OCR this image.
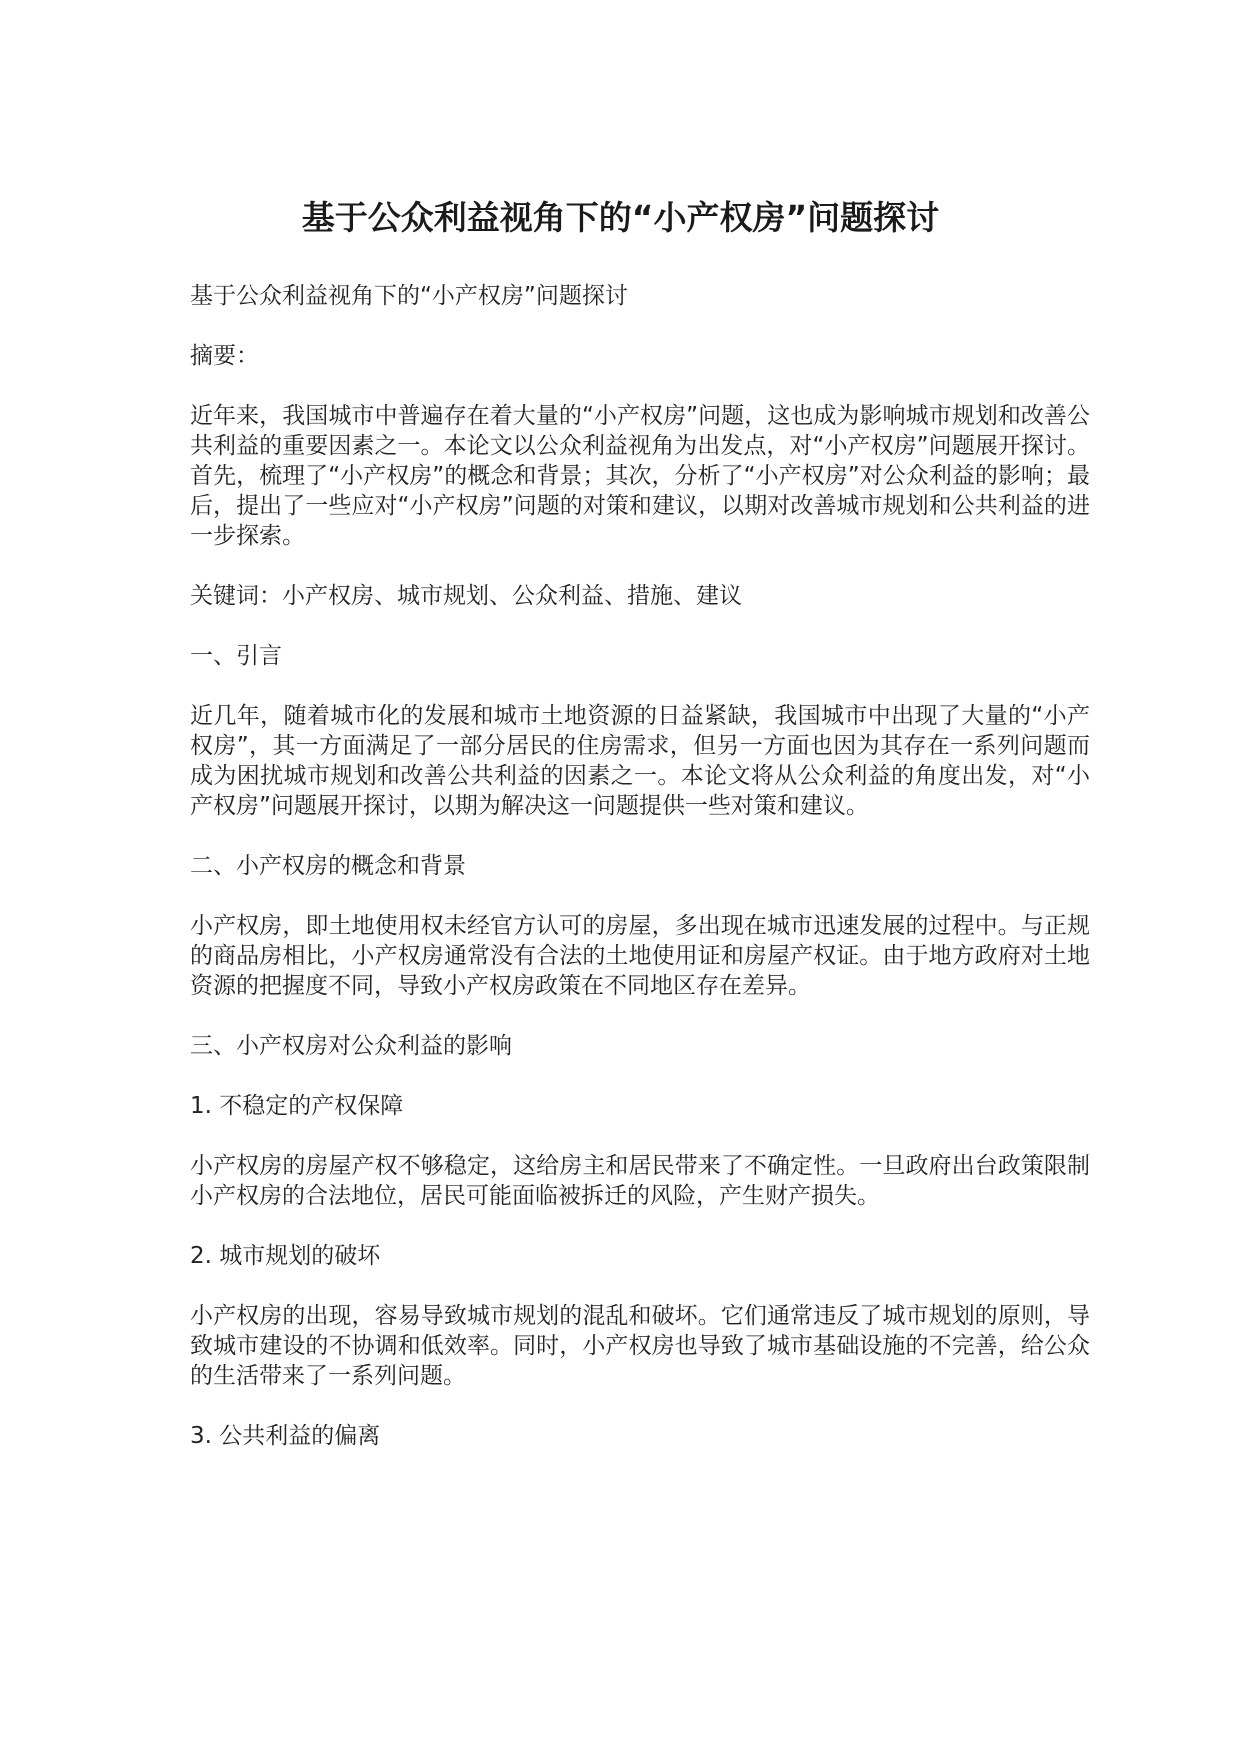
基于公众利益视角下的“小产权房”问题探讨

基于公众利益视角下的“小产权房”问题探讨

摘要：

近年来，我国城市中普遍存在着大量的“小产权房”问题，这也成为影响城市规划和改善公共利益的重要因素之一。本论文以公众利益视角为出发点，对“小产权房”问题展开探讨。首先，梳理了“小产权房”的概念和背景；其次，分析了“小产权房”对公众利益的影响；最后，提出了一些应对“小产权房”问题的对策和建议，以期对改善城市规划和公共利益的进一步探索。

关键词：小产权房、城市规划、公众利益、措施、建议

一、引言

近几年，随着城市化的发展和城市土地资源的日益紧缺，我国城市中出现了大量的“小产权房”，其一方面满足了一部分居民的住房需求，但另一方面也因为其存在一系列问题而成为困扰城市规划和改善公共利益的因素之一。本论文将从公众利益的角度出发，对“小产权房”问题展开探讨，以期为解决这一问题提供一些对策和建议。

二、小产权房的概念和背景

小产权房，即土地使用权未经官方认可的房屋，多出现在城市迅速发展的过程中。与正规的商品房相比，小产权房通常没有合法的土地使用证和房屋产权证。由于地方政府对土地资源的把握度不同，导致小产权房政策在不同地区存在差异。

三、小产权房对公众利益的影响

1. 不稳定的产权保障

小产权房的房屋产权不够稳定，这给房主和居民带来了不确定性。一旦政府出台政策限制小产权房的合法地位，居民可能面临被拆迁的风险，产生财产损失。

2. 城市规划的破坏

小产权房的出现，容易导致城市规划的混乱和破坏。它们通常违反了城市规划的原则，导致城市建设的不协调和低效率。同时，小产权房也导致了城市基础设施的不完善，给公众的生活带来了一系列问题。

3. 公共利益的偏离
